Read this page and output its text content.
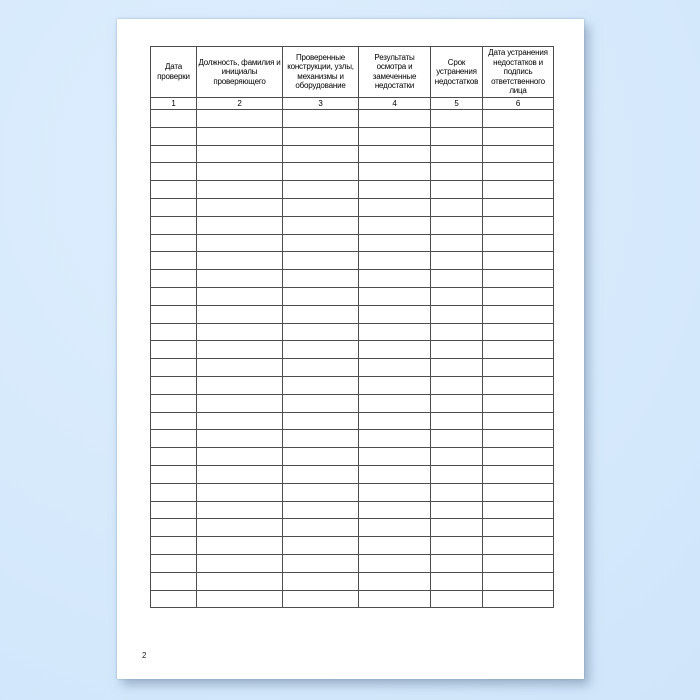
Дата проверки	Должность, фамилия и инициалы проверяющего	Проверенные конструкции, узлы, механизмы и оборудование	Результаты осмотра и замеченные недостатки	Срок устранения недостатков	Дата устранения недостатков и подпись ответственного лица
1	2	3	4	5	6

2
